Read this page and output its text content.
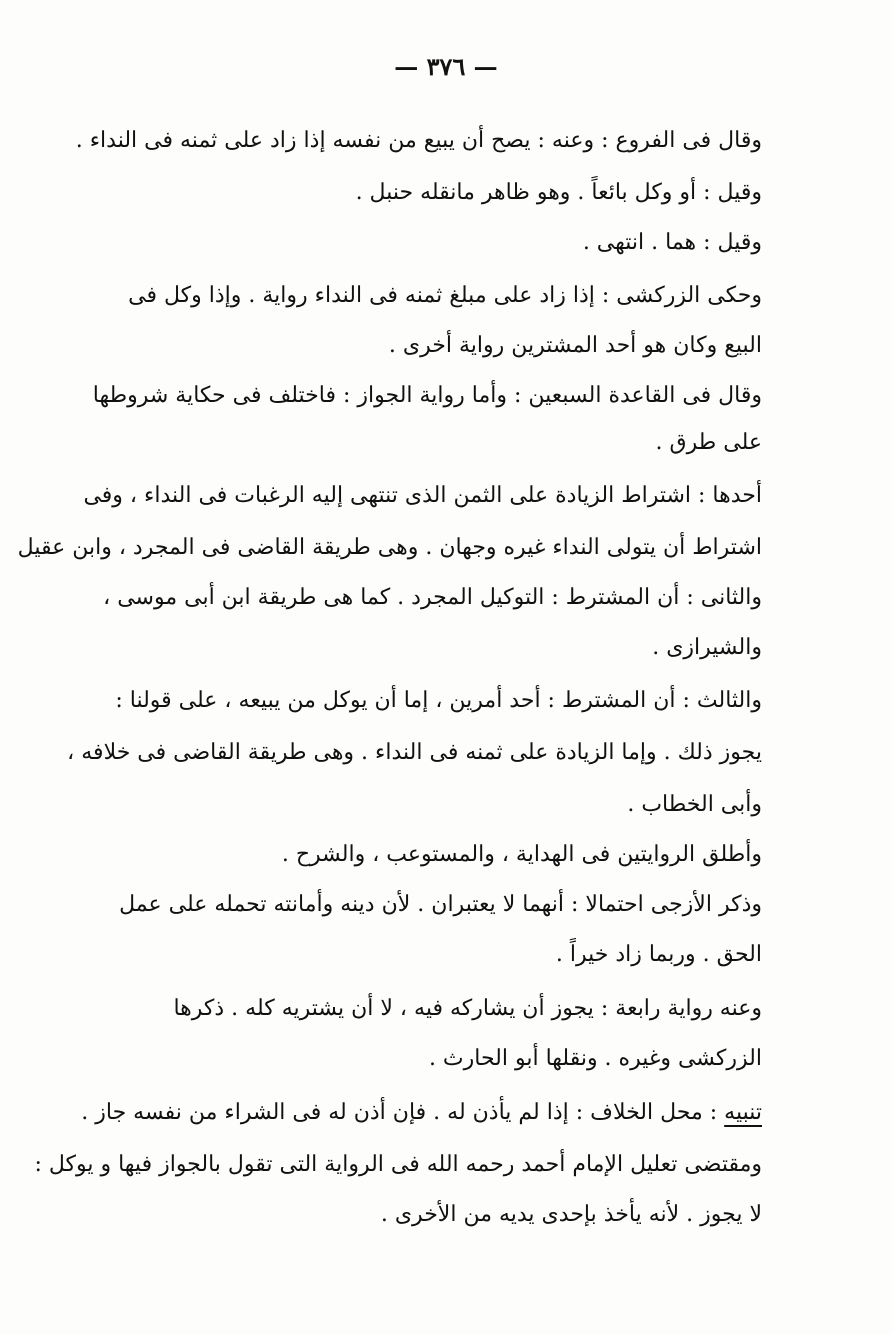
— ٣٧٦ —
وقال فى الفروع : وعنه : يصح أن يبيع من نفسه إذا زاد على ثمنه فى النداء .
وقيل : أو وكل بائعاً . وهو ظاهر مانقله حنبل .
وقيل : هما . انتهى .
وحكى الزركشى : إذا زاد على مبلغ ثمنه فى النداء رواية . وإذا وكل فى
البيع وكان هو أحد المشترين رواية أخرى .
وقال فى القاعدة السبعين : وأما رواية الجواز : فاختلف فى حكاية شروطها
على طرق .
أحدها : اشتراط الزيادة على الثمن الذى تنتهى إليه الرغبات فى النداء ، وفى
اشتراط أن يتولى النداء غيره وجهان . وهى طريقة القاضى فى المجرد ، وابن عقيل
والثانى : أن المشترط : التوكيل المجرد . كما هى طريقة ابن أبى موسى ،
والشيرازى .
والثالث : أن المشترط : أحد أمرين ، إما أن يوكل من يبيعه ، على قولنا :
يجوز ذلك . وإما الزيادة على ثمنه فى النداء . وهى طريقة القاضى فى خلافه ،
وأبى الخطاب .
وأطلق الروايتين فى الهداية ، والمستوعب ، والشرح .
وذكر الأزجى احتمالا : أنهما لا يعتبران . لأن دينه وأمانته تحمله على عمل
الحق . وربما زاد خيراً .
وعنه رواية رابعة : يجوز أن يشاركه فيه ، لا أن يشتريه كله . ذكرها
الزركشى وغيره . ونقلها أبو الحارث .
تنبيه : محل الخلاف : إذا لم يأذن له . فإن أذن له فى الشراء من نفسه جاز .
ومقتضى تعليل الإمام أحمد رحمه الله فى الرواية التى تقول بالجواز فيها و يوكل :
لا يجوز . لأنه يأخذ بإحدى يديه من الأخرى .
